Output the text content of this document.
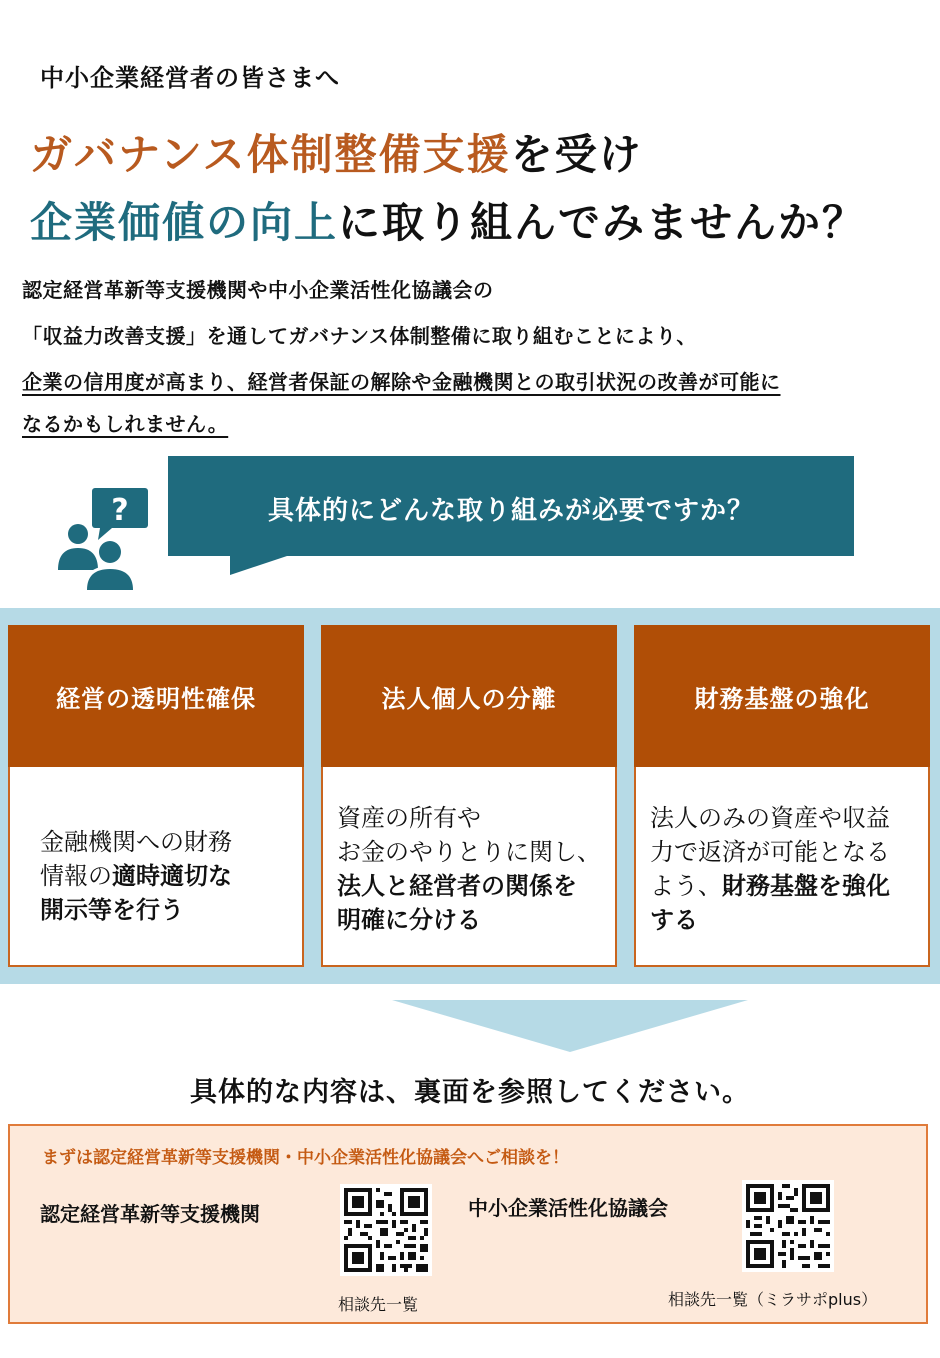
中小企業経営者の皆さまへ
ガバナンス体制整備支援を受け
企業価値の向上に取り組んでみませんか？
認定経営革新等支援機関や中小企業活性化協議会の
「収益力改善支援」を通してガバナンス体制整備に取り組むことにより、
企業の信用度が高まり、経営者保証の解除や金融機関との取引状況の改善が可能に
なるかもしれません。
?	具体的にどんな取り組みが必要ですか？
経営の透明性確保
金融機関への財務
情報の適時適切な
開示等を行う
法人個人の分離
資産の所有や
お金のやりとりに関し、
法人と経営者の関係を
明確に分ける
財務基盤の強化
法人のみの資産や収益
力で返済が可能となる
よう、財務基盤を強化
する
具体的な内容は、裏面を参照してください。
まずは認定経営革新等支援機関・中小企業活性化協議会へご相談を！
認定経営革新等支援機関
相談先一覧
中小企業活性化協議会
相談先一覧（ミラサポplus）
